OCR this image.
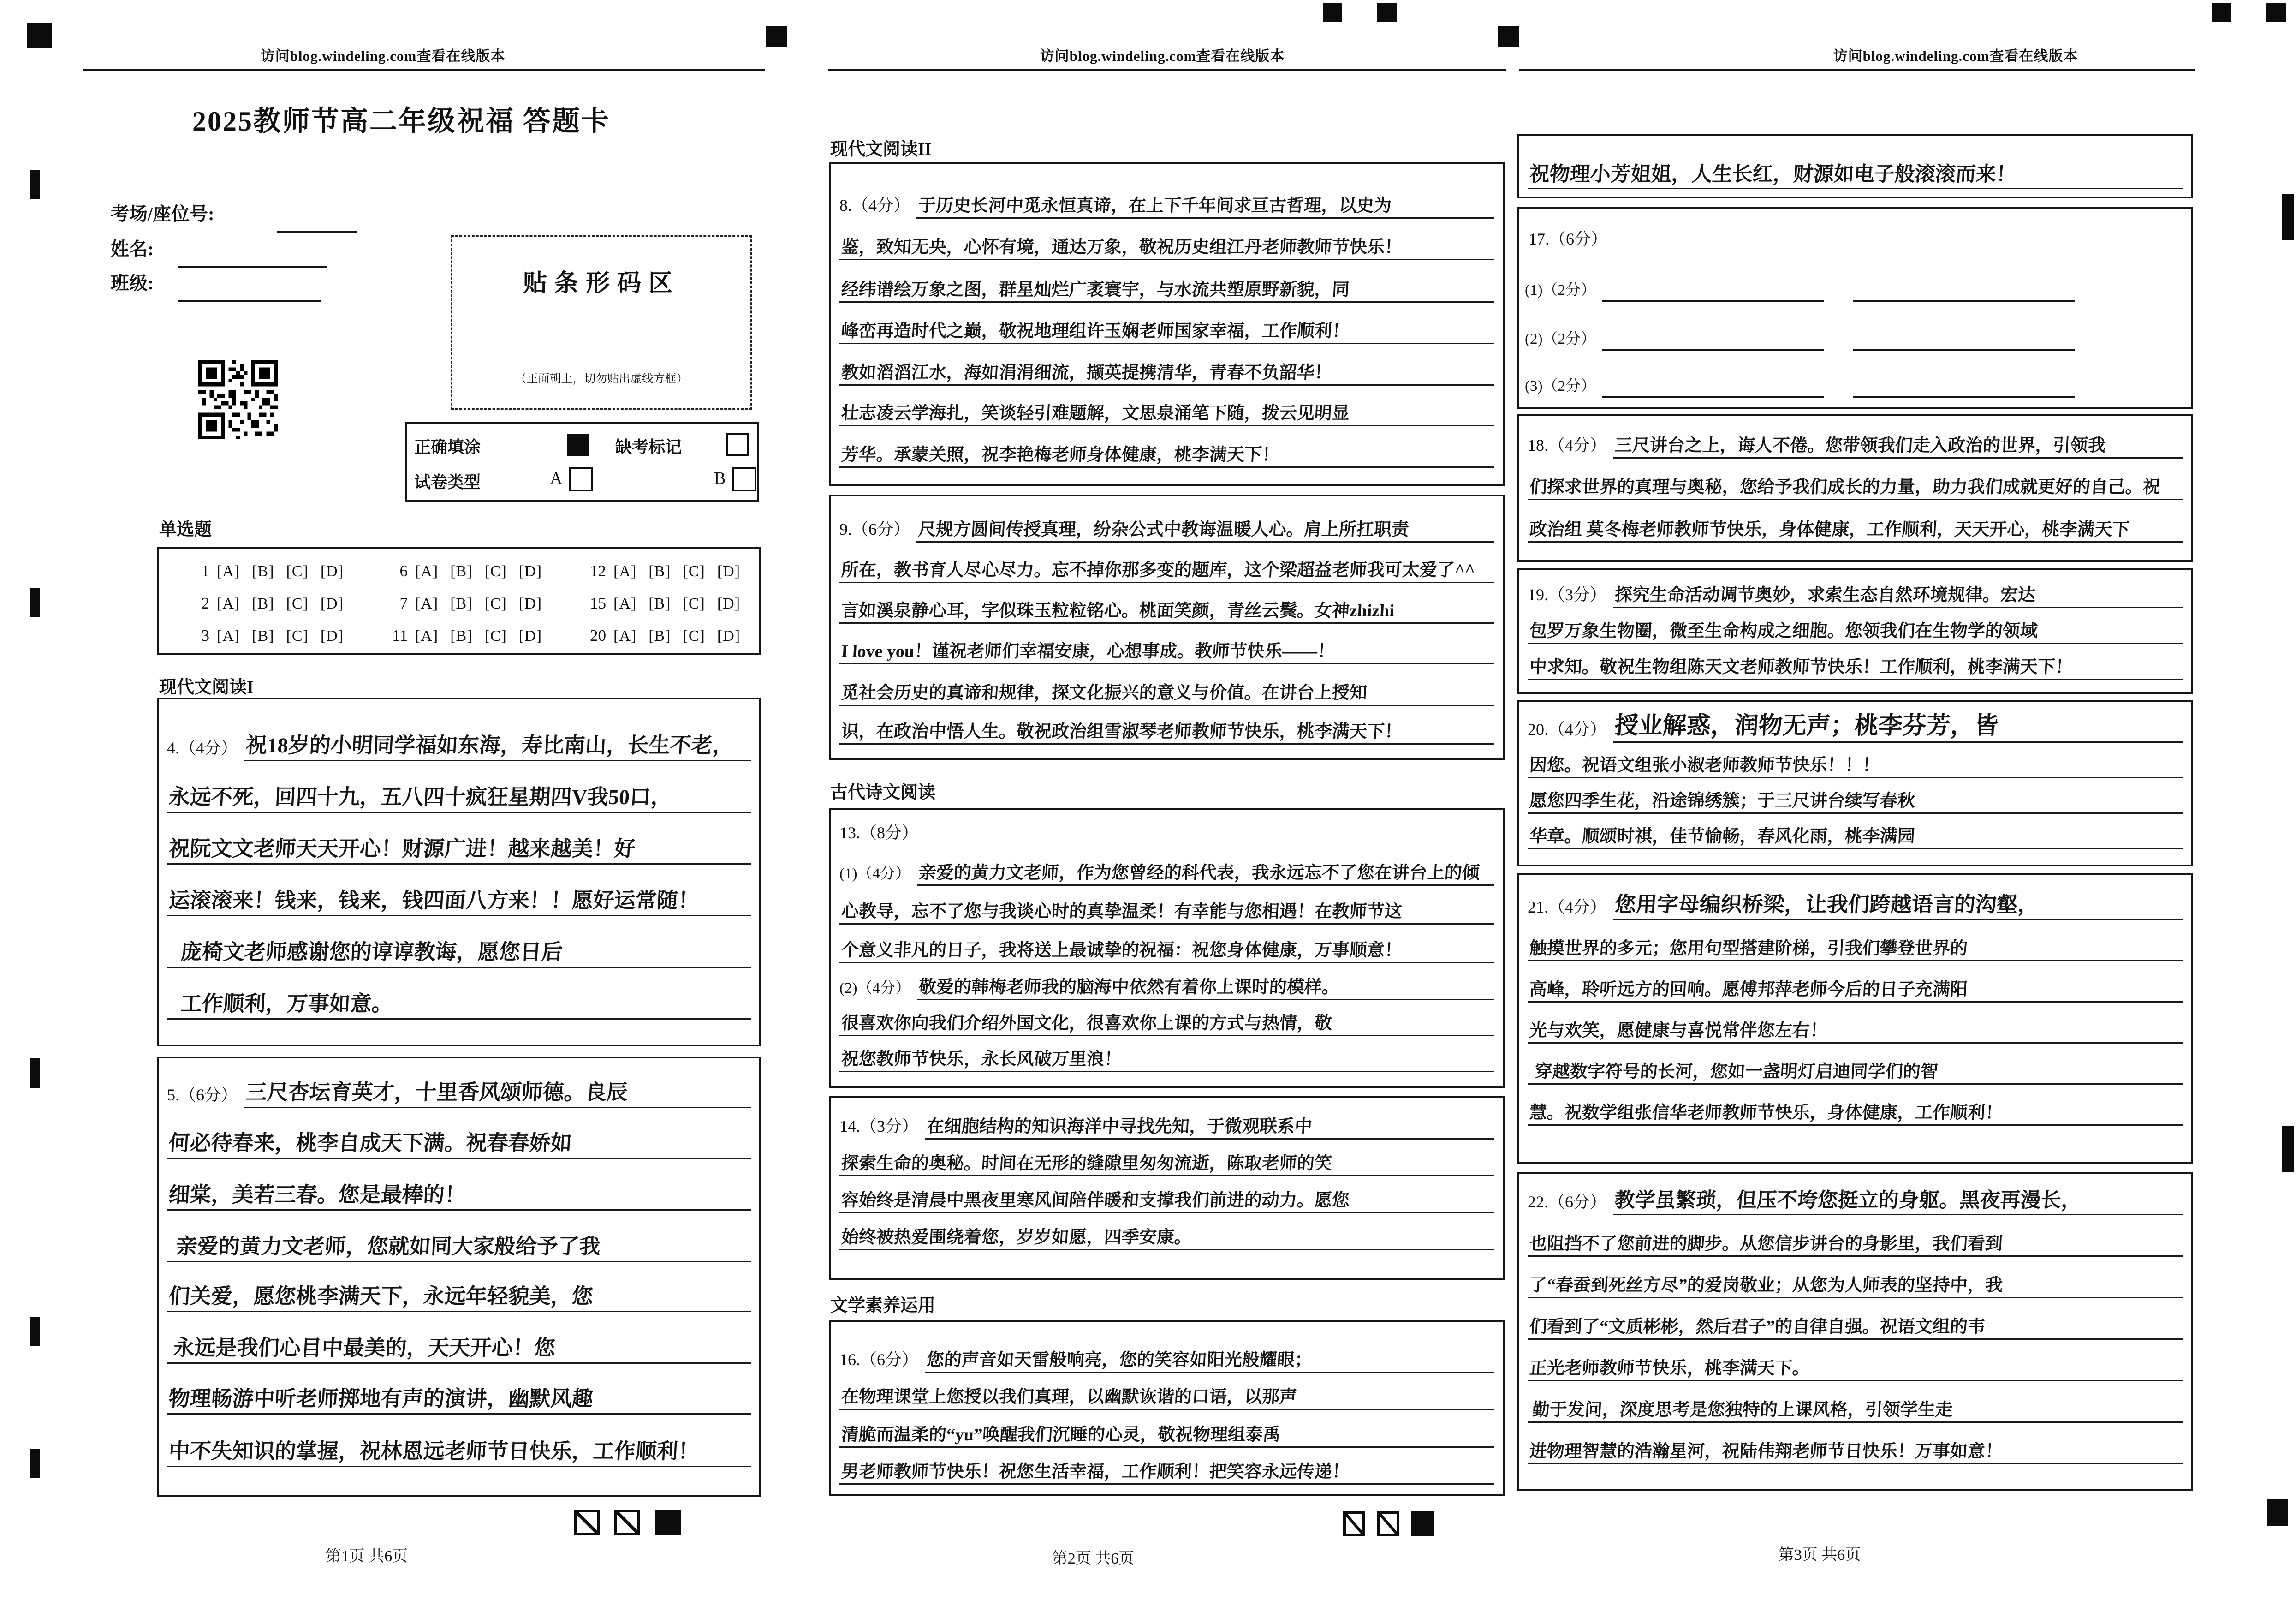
访问blog.windeling.com查看在线版本	访问blog.windeling.com查看在线版本	访问blog.windeling.com查看在线版本
2025教师节高二年级祝福 答题卡
考场/座位号:
姓名:
班级:	贴条形码区
（正面朝上，切勿贴出虚线方框）
正确填涂	缺考标记
试卷类型	A	B
单选题
1 [A] [B] [C] [D]	6 [A] [B] [C] [D]	12 [A] [B] [C] [D]
2 [A] [B] [C] [D]	7 [A] [B] [C] [D]	15 [A] [B] [C] [D]
3 [A] [B] [C] [D]	11 [A] [B] [C] [D]	20 [A] [B] [C] [D]
现代文阅读I
4.（4分） 祝18岁的小明同学福如东海，寿比南山，长生不老，
永远不死，回四十九，五八四十疯狂星期四V我50口，
祝阮文文老师天天开心！财源广进！越来越美！好
运滚滚来！钱来，钱来，钱四面八方来！！愿好运常随！
庞椅文老师感谢您的谆谆教诲，愿您日后
工作顺利，万事如意。
5.（6分） 三尺杏坛育英才，十里香风颂师德。良辰
何必待春来，桃李自成天下满。祝春春娇如
细棠，美若三春。您是最棒的！
亲爱的黄力文老师，您就如同大家般给予了我
们关爱，愿您桃李满天下，永远年轻貌美，您
永远是我们心目中最美的，天天开心！您
物理畅游中听老师掷地有声的演讲，幽默风趣
中不失知识的掌握，祝林恩远老师节日快乐，工作顺利！
第1页 共6页
现代文阅读II
8.（4分） 于历史长河中觅永恒真谛，在上下千年间求亘古哲理，以史为
鉴，致知无央，心怀有境，通达万象，敬祝历史组江丹老师教师节快乐！
经纬谱绘万象之图，群星灿烂广袤寰宇，与水流共塑原野新貌，同
峰峦再造时代之巅，敬祝地理组许玉娴老师国家幸福，工作顺利！
教如滔滔江水，海如涓涓细流，撷英提携清华，青春不负韶华！
壮志凌云学海扎，笑谈轻引难题解，文思泉涌笔下随，拨云见明显
芳华。承蒙关照，祝李艳梅老师身体健康，桃李满天下！
9.（6分） 尺规方圆间传授真理，纷杂公式中教诲温暖人心。肩上所扛职责
所在，教书育人尽心尽力。忘不掉你那多变的题库，这个梁超益老师我可太爱了^^
言如溪泉静心耳，字似珠玉粒粒铭心。桃面笑颜，青丝云鬓。女神zhizhi
I love you！谨祝老师们幸福安康，心想事成。教师节快乐——！
觅社会历史的真谛和规律，探文化振兴的意义与价值。在讲台上授知
识，在政治中悟人生。敬祝政治组雪淑琴老师教师节快乐，桃李满天下！
古代诗文阅读
13.（8分）
(1)（4分） 亲爱的黄力文老师，作为您曾经的科代表，我永远忘不了您在讲台上的倾
心教导，忘不了您与我谈心时的真挚温柔！有幸能与您相遇！在教师节这
个意义非凡的日子，我将送上最诚挚的祝福：祝您身体健康，万事顺意！
(2)（4分） 敬爱的韩梅老师我的脑海中依然有着你上课时的模样。
很喜欢你向我们介绍外国文化，很喜欢你上课的方式与热情，敬
祝您教师节快乐，永长风破万里浪！
14.（3分） 在细胞结构的知识海洋中寻找先知，于微观联系中
探索生命的奥秘。时间在无形的缝隙里匆匆流逝，陈取老师的笑
容始终是清晨中黑夜里寒风间陪伴暖和支撑我们前进的动力。愿您
始终被热爱围绕着您，岁岁如愿，四季安康。
文学素养运用
16.（6分） 您的声音如天雷般响亮，您的笑容如阳光般耀眼；
在物理课堂上您授以我们真理，以幽默诙谐的口语，以那声
清脆而温柔的“yu”唤醒我们沉睡的心灵，敬祝物理组泰禹
男老师教师节快乐！祝您生活幸福，工作顺利！把笑容永远传递！
第2页 共6页
祝物理小芳姐姐，人生长红，财源如电子般滚滚而来！
17.（6分）
(1)（2分）
(2)（2分）
(3)（2分）
18.（4分） 三尺讲台之上，诲人不倦。您带领我们走入政治的世界，引领我
们探求世界的真理与奥秘，您给予我们成长的力量，助力我们成就更好的自己。祝
政治组 莫冬梅老师教师节快乐，身体健康，工作顺利，天天开心，桃李满天下
19.（3分） 探究生命活动调节奥妙，求索生态自然环境规律。宏达
包罗万象生物圈，微至生命构成之细胞。您领我们在生物学的领域
中求知。敬祝生物组陈天文老师教师节快乐！工作顺利，桃李满天下！
20.（4分） 授业解惑，润物无声；桃李芬芳，皆
因您。祝语文组张小淑老师教师节快乐！！！
愿您四季生花，沿途锦绣簇；于三尺讲台续写春秋
华章。顺颂时祺，佳节愉畅，春风化雨，桃李满园
21.（4分） 您用字母编织桥梁，让我们跨越语言的沟壑，
触摸世界的多元；您用句型搭建阶梯，引我们攀登世界的
高峰，聆听远方的回响。愿傅邦萍老师今后的日子充满阳
光与欢笑，愿健康与喜悦常伴您左右！
穿越数字符号的长河，您如一盏明灯启迪同学们的智
慧。祝数学组张信华老师教师节快乐，身体健康，工作顺利！
22.（6分） 教学虽繁琐，但压不垮您挺立的身躯。黑夜再漫长，
也阻挡不了您前进的脚步。从您信步讲台的身影里，我们看到
了“春蚕到死丝方尽”的爱岗敬业；从您为人师表的坚持中，我
们看到了“文质彬彬，然后君子”的自律自强。祝语文组的韦
正光老师教师节快乐，桃李满天下。
勤于发问，深度思考是您独特的上课风格，引领学生走
进物理智慧的浩瀚星河，祝陆伟翔老师节日快乐！万事如意！
第3页 共6页
